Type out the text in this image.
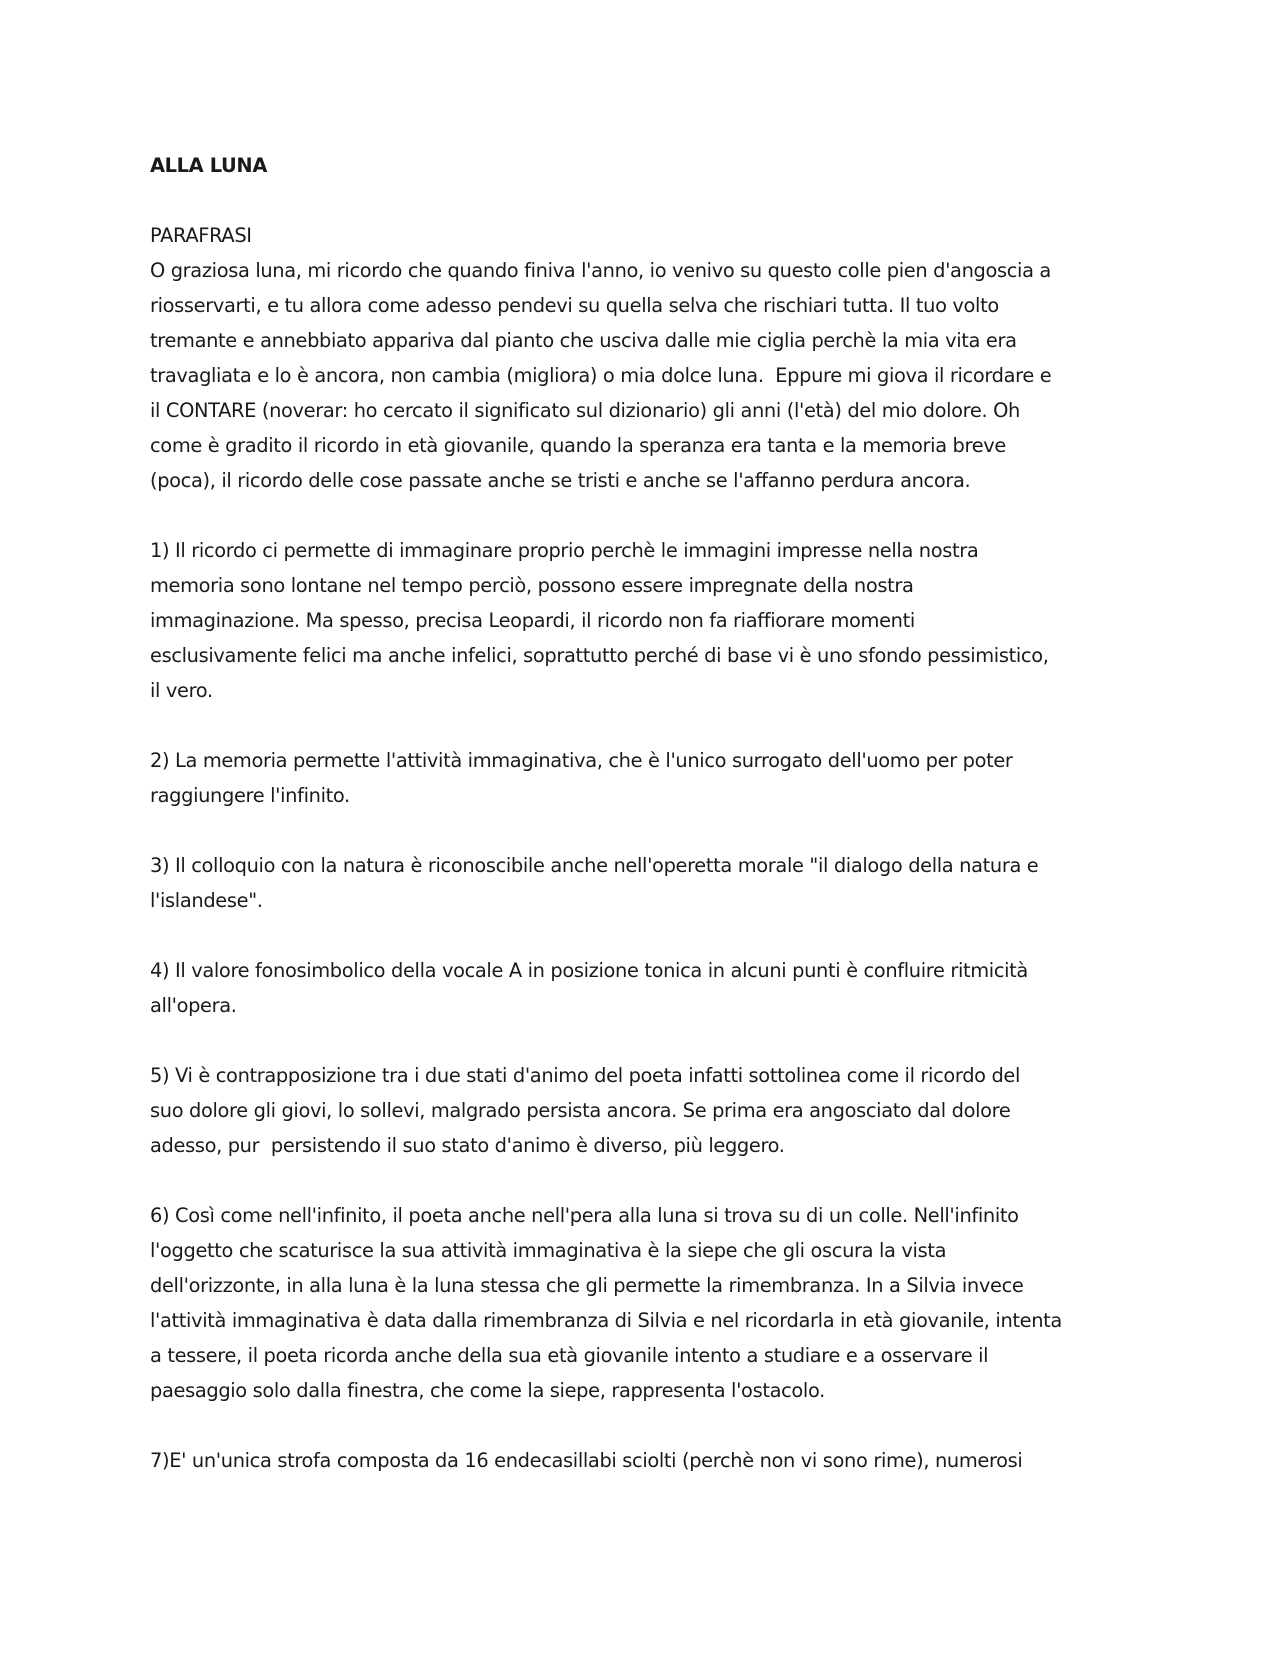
ALLA LUNA

PARAFRASI

O graziosa luna, mi ricordo che quando finiva l'anno, io venivo su questo colle pien d'angoscia a
riosservarti, e tu allora come adesso pendevi su quella selva che rischiari tutta. Il tuo volto
tremante e annebbiato appariva dal pianto che usciva dalle mie ciglia perchè la mia vita era
travagliata e lo è ancora, non cambia (migliora) o mia dolce luna.  Eppure mi giova il ricordare e
il CONTARE (noverar: ho cercato il significato sul dizionario) gli anni (l'età) del mio dolore. Oh
come è gradito il ricordo in età giovanile, quando la speranza era tanta e la memoria breve
(poca), il ricordo delle cose passate anche se tristi e anche se l'affanno perdura ancora.

1) Il ricordo ci permette di immaginare proprio perchè le immagini impresse nella nostra
memoria sono lontane nel tempo perciò, possono essere impregnate della nostra
immaginazione. Ma spesso, precisa Leopardi, il ricordo non fa riaffiorare momenti
esclusivamente felici ma anche infelici, soprattutto perché di base vi è uno sfondo pessimistico,
il vero.

2) La memoria permette l'attività immaginativa, che è l'unico surrogato dell'uomo per poter
raggiungere l'infinito.

3) Il colloquio con la natura è riconoscibile anche nell'operetta morale "il dialogo della natura e
l'islandese".

4) Il valore fonosimbolico della vocale A in posizione tonica in alcuni punti è confluire ritmicità
all'opera.

5) Vi è contrapposizione tra i due stati d'animo del poeta infatti sottolinea come il ricordo del
suo dolore gli giovi, lo sollevi, malgrado persista ancora. Se prima era angosciato dal dolore
adesso, pur  persistendo il suo stato d'animo è diverso, più leggero.

6) Così come nell'infinito, il poeta anche nell'pera alla luna si trova su di un colle. Nell'infinito
l'oggetto che scaturisce la sua attività immaginativa è la siepe che gli oscura la vista
dell'orizzonte, in alla luna è la luna stessa che gli permette la rimembranza. In a Silvia invece
l'attività immaginativa è data dalla rimembranza di Silvia e nel ricordarla in età giovanile, intenta
a tessere, il poeta ricorda anche della sua età giovanile intento a studiare e a osservare il
paesaggio solo dalla finestra, che come la siepe, rappresenta l'ostacolo.

7)E' un'unica strofa composta da 16 endecasillabi sciolti (perchè non vi sono rime), numerosi
